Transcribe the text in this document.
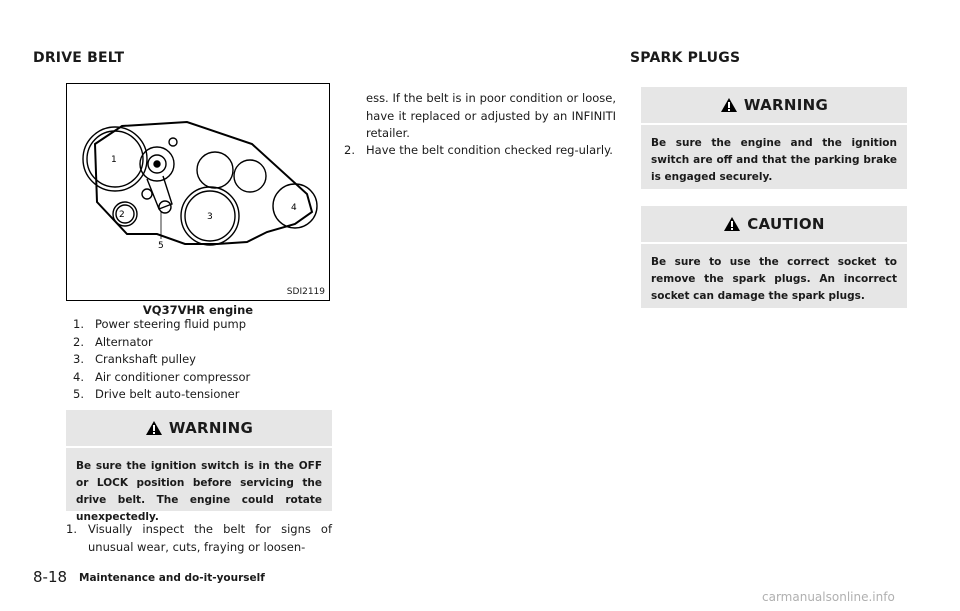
DRIVE BELT
1
2	3
4
5
SDI2119
VQ37VHR engine
1. Power steering fluid pump
2. Alternator
3. Crankshaft pulley
4. Air conditioner compressor
5. Drive belt auto-tensioner
WARNING
Be sure the ignition switch is in the OFF or LOCK position before servicing the drive belt. The engine could rotate unexpectedly.
1. Visually inspect the belt for signs of unusual wear, cuts, fraying or loosen-
ess. If the belt is in poor condition or loose, have it replaced or adjusted by an INFINITI retailer.
2. Have the belt condition checked reg-ularly.
SPARK PLUGS
WARNING
Be sure the engine and the ignition switch are off and that the parking brake is engaged securely.
CAUTION
Be sure to use the correct socket to remove the spark plugs. An incorrect socket can damage the spark plugs.
8-18 Maintenance and do-it-yourself
carmanualsonline.info
